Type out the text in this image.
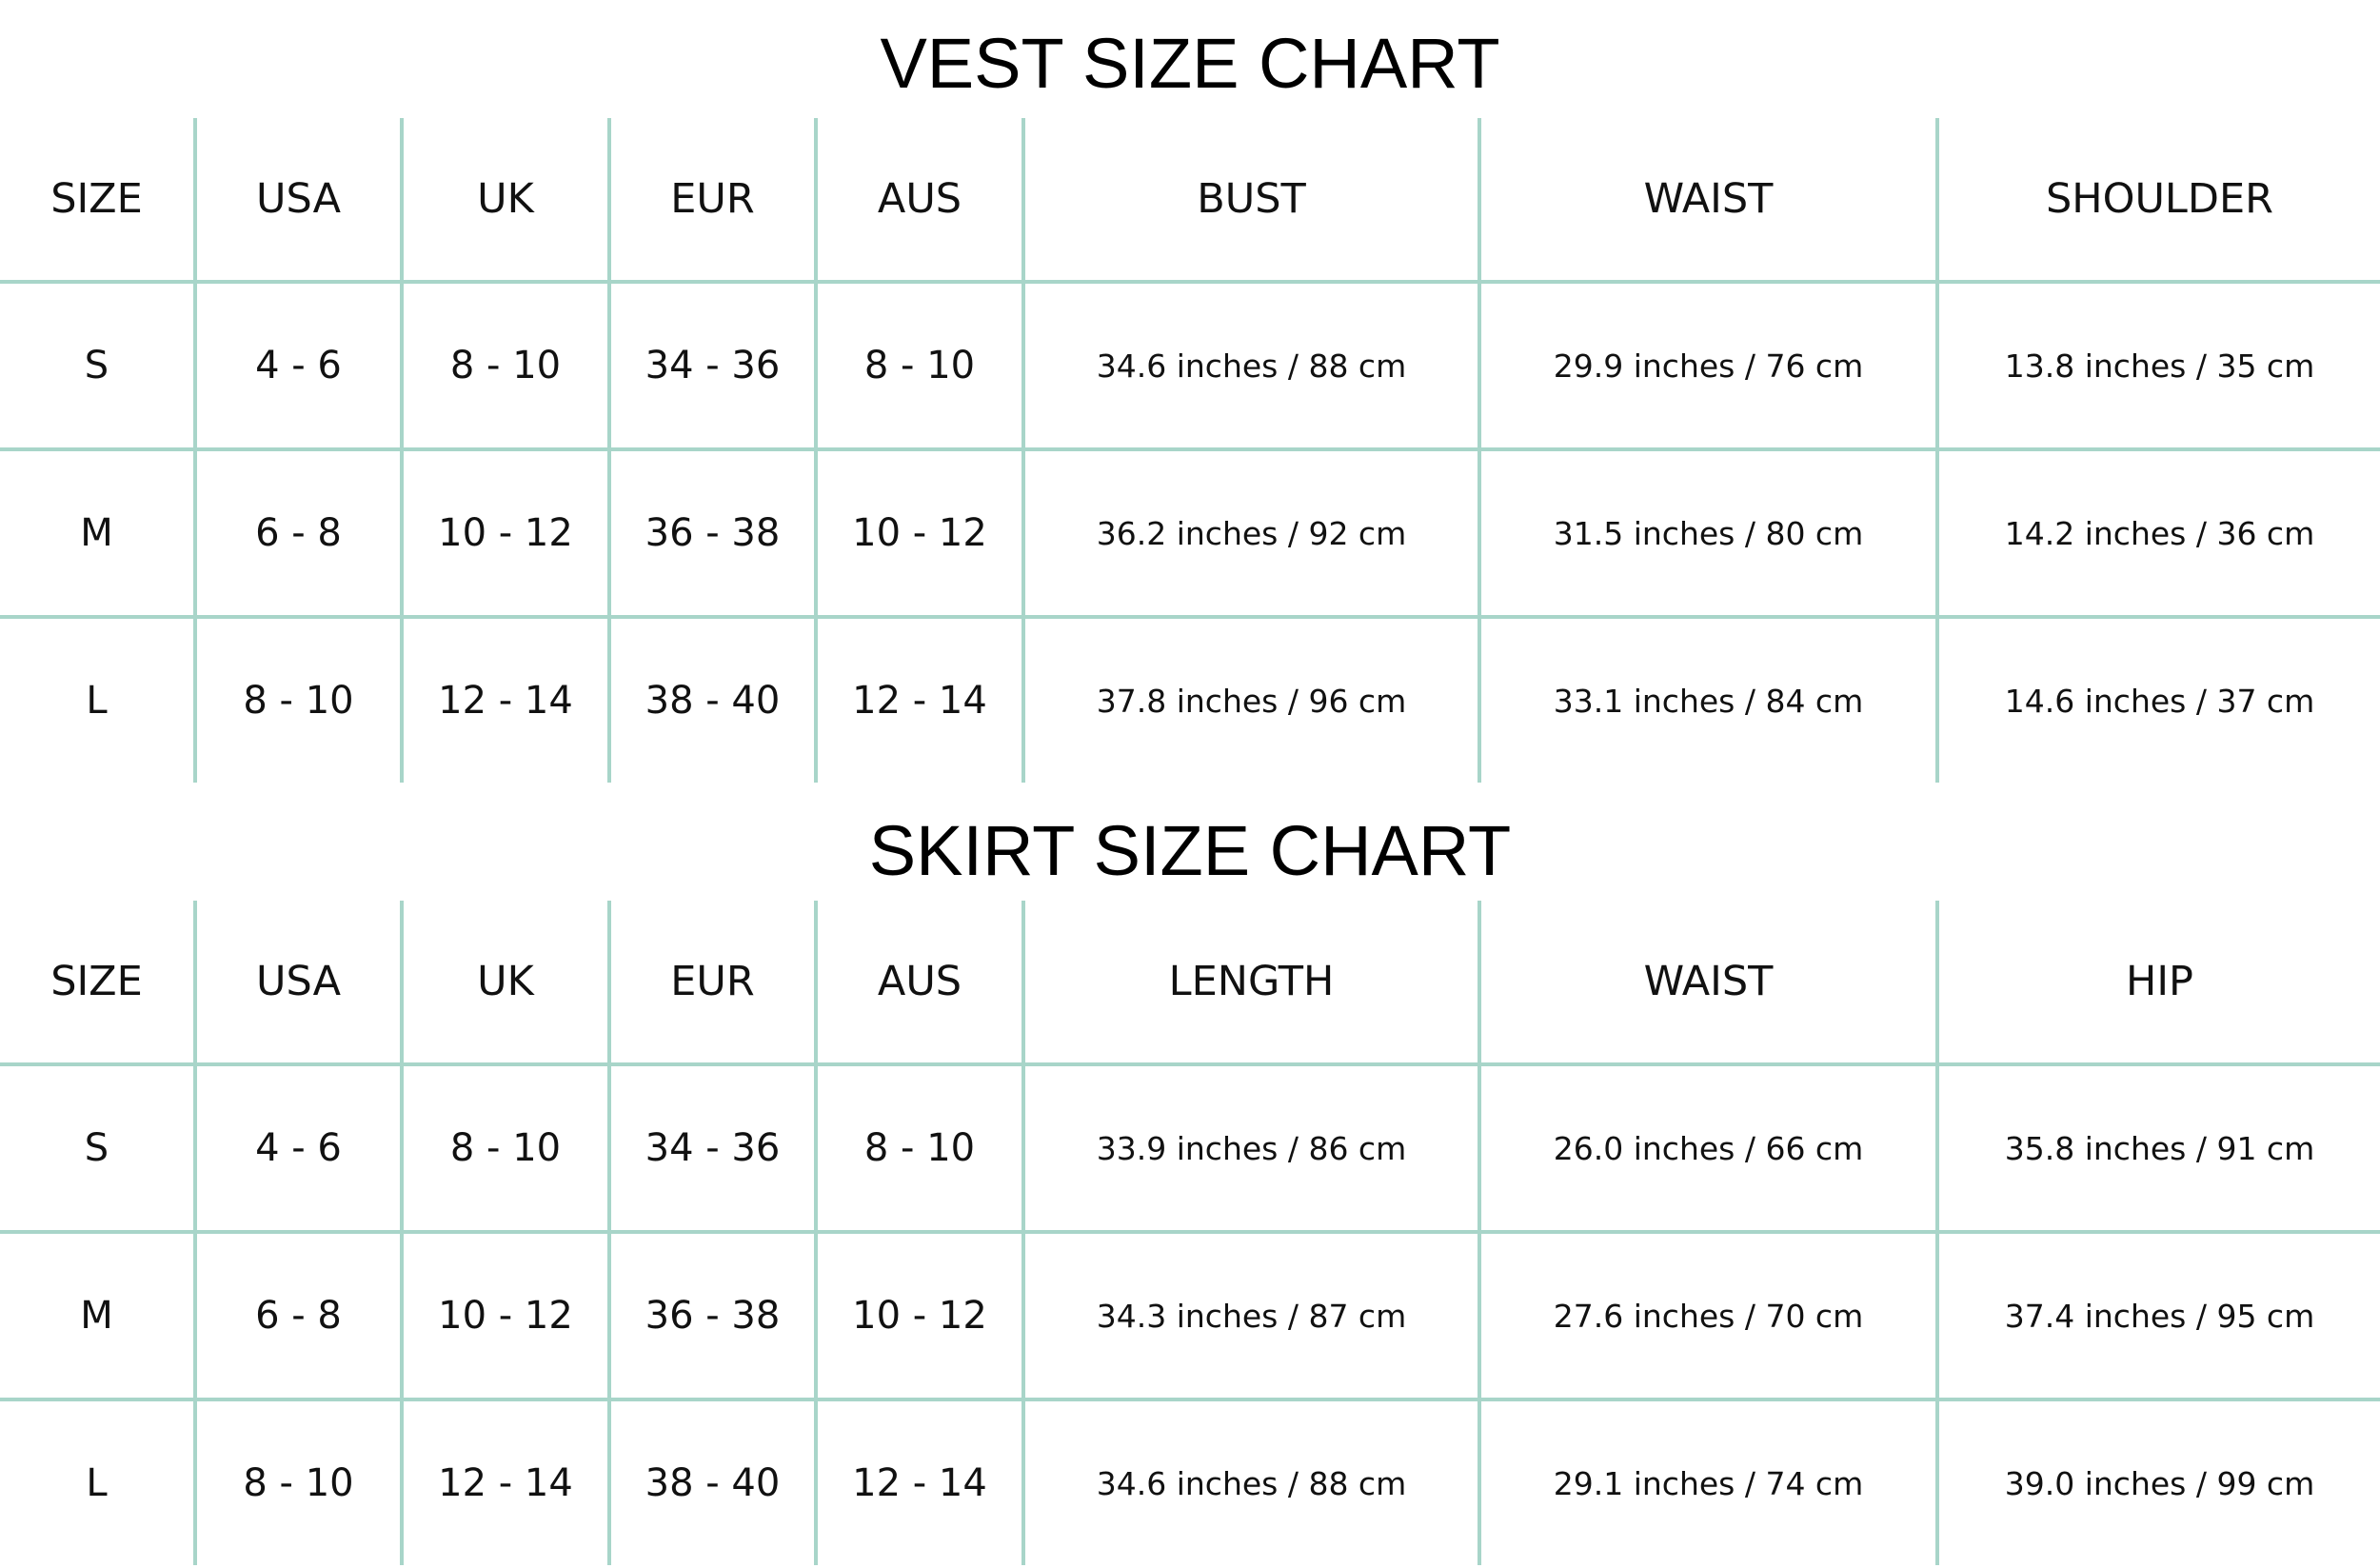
VEST SIZE CHART
SIZE	USA	UK	EUR	AUS	BUST	WAIST	SHOULDER
S	4 - 6	8 - 10	34 - 36	8 - 10	34.6 inches / 88 cm	29.9 inches / 76 cm	13.8 inches / 35 cm
M	6 - 8	10 - 12	36 - 38	10 - 12	36.2 inches / 92 cm	31.5 inches / 80 cm	14.2 inches / 36 cm
L	8 - 10	12 - 14	38 - 40	12 - 14	37.8 inches / 96 cm	33.1 inches / 84 cm	14.6 inches / 37 cm
SKIRT SIZE CHART
SIZE	USA	UK	EUR	AUS	LENGTH	WAIST	HIP
S	4 - 6	8 - 10	34 - 36	8 - 10	33.9 inches / 86 cm	26.0 inches / 66 cm	35.8 inches / 91 cm
M	6 - 8	10 - 12	36 - 38	10 - 12	34.3 inches / 87 cm	27.6 inches / 70 cm	37.4 inches / 95 cm
L	8 - 10	12 - 14	38 - 40	12 - 14	34.6 inches / 88 cm	29.1 inches / 74 cm	39.0 inches / 99 cm
